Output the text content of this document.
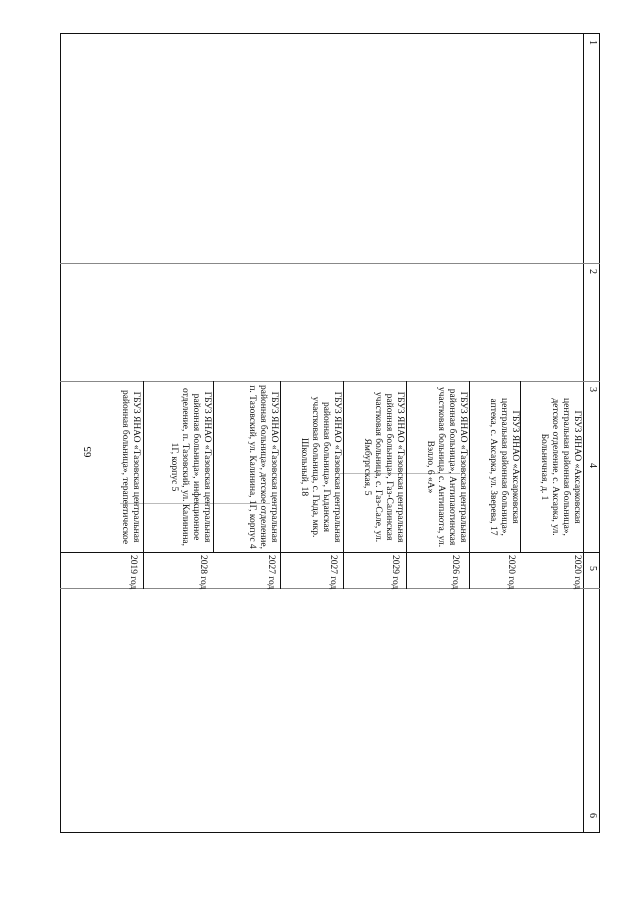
65
1
2
3
4
5
6
ГБУЗ ЯНАО «Аксарковская центральная районная больница», детское отделение, с. Аксарка, ул. Больничная, д. 1
2020 год
ГБУЗ ЯНАО «Аксарковская центральная районная больница», аптека, с. Аксарка, ул. Зверева, 17
2020 год
ГБУЗ ЯНАО «Тазовская центральная районная больница», Антипаютинская участковая больница, с. Антипаюта, ул. Вэлло, 6 «А»
2026 год
ГБУЗ ЯНАО «Тазовская центральная районная больница», Газ-Салинская участковая больница, с. Газ-Сале, ул. Ямбургская, 5
2029 год
ГБУЗ ЯНАО «Тазовская центральная районная больница», Гыданская участковая больница, с. Гыда, мкр. Школьный, 18
2027 год
ГБУЗ ЯНАО «Тазовская центральная районная больница», детское отделение, п. Тазовский, ул. Калинина, 1Г, корпус 4
2027 год
ГБУЗ ЯНАО «Тазовская центральная районная больница», инфекционное отделение, п. Тазовский, ул. Калинина, 1Г, корпус 5
2028 год
ГБУЗ ЯНАО «Тазовская центральная районная больница», терапевтическое
2019 год
